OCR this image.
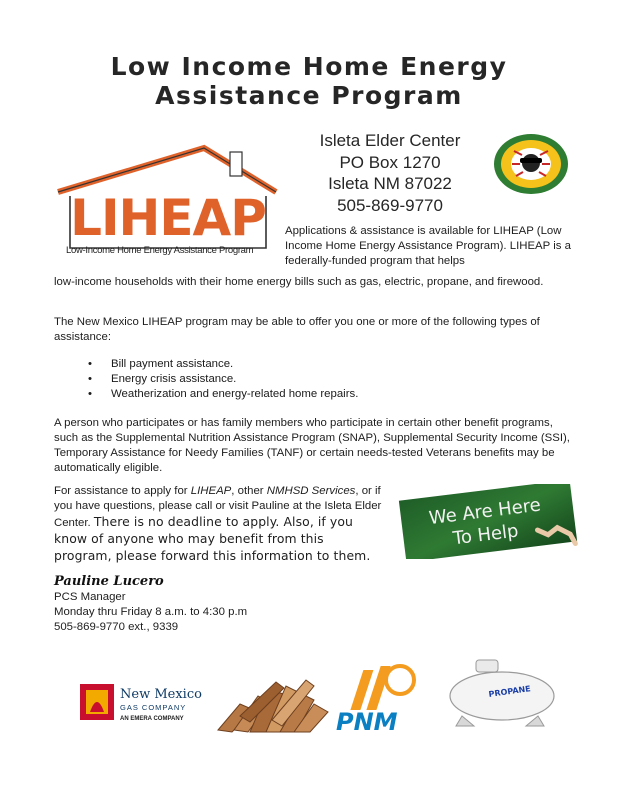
Low Income Home Energy
Assistance Program
LIHEAP
Low-Income Home Energy Assistance Program
Isleta Elder Center
PO Box 1270
Isleta NM 87022
505-869-9770
Applications & assistance is available for LIHEAP (Low Income Home Energy Assistance Program). LIHEAP is a federally-funded program that helps
low-income households with their home energy bills such as gas, electric, propane, and firewood.
The New Mexico LIHEAP program may be able to offer you one or more of the following types of assistance:
• Bill payment assistance.
• Energy crisis assistance.
• Weatherization and energy-related home repairs.
A person who participates or has family members who participate in certain other benefit programs, such as the Supplemental Nutrition Assistance Program (SNAP), Supplemental Security Income (SSI), Temporary Assistance for Needy Families (TANF) or certain needs-tested Veterans benefits may be automatically eligible.
For assistance to apply for LIHEAP, other NMHSD Services, or if you have questions, please call or visit Pauline at the Isleta Elder Center. There is no deadline to apply. Also, if you know of anyone who may benefit from this program, please forward this information to them.
We Are Here
To Help
Pauline Lucero
PCS Manager
Monday thru Friday 8 a.m. to 4:30 p.m
505-869-9770 ext., 9339
New Mexico
GAS COMPANY
AN EMERA COMPANY	PNM
PROPANE
